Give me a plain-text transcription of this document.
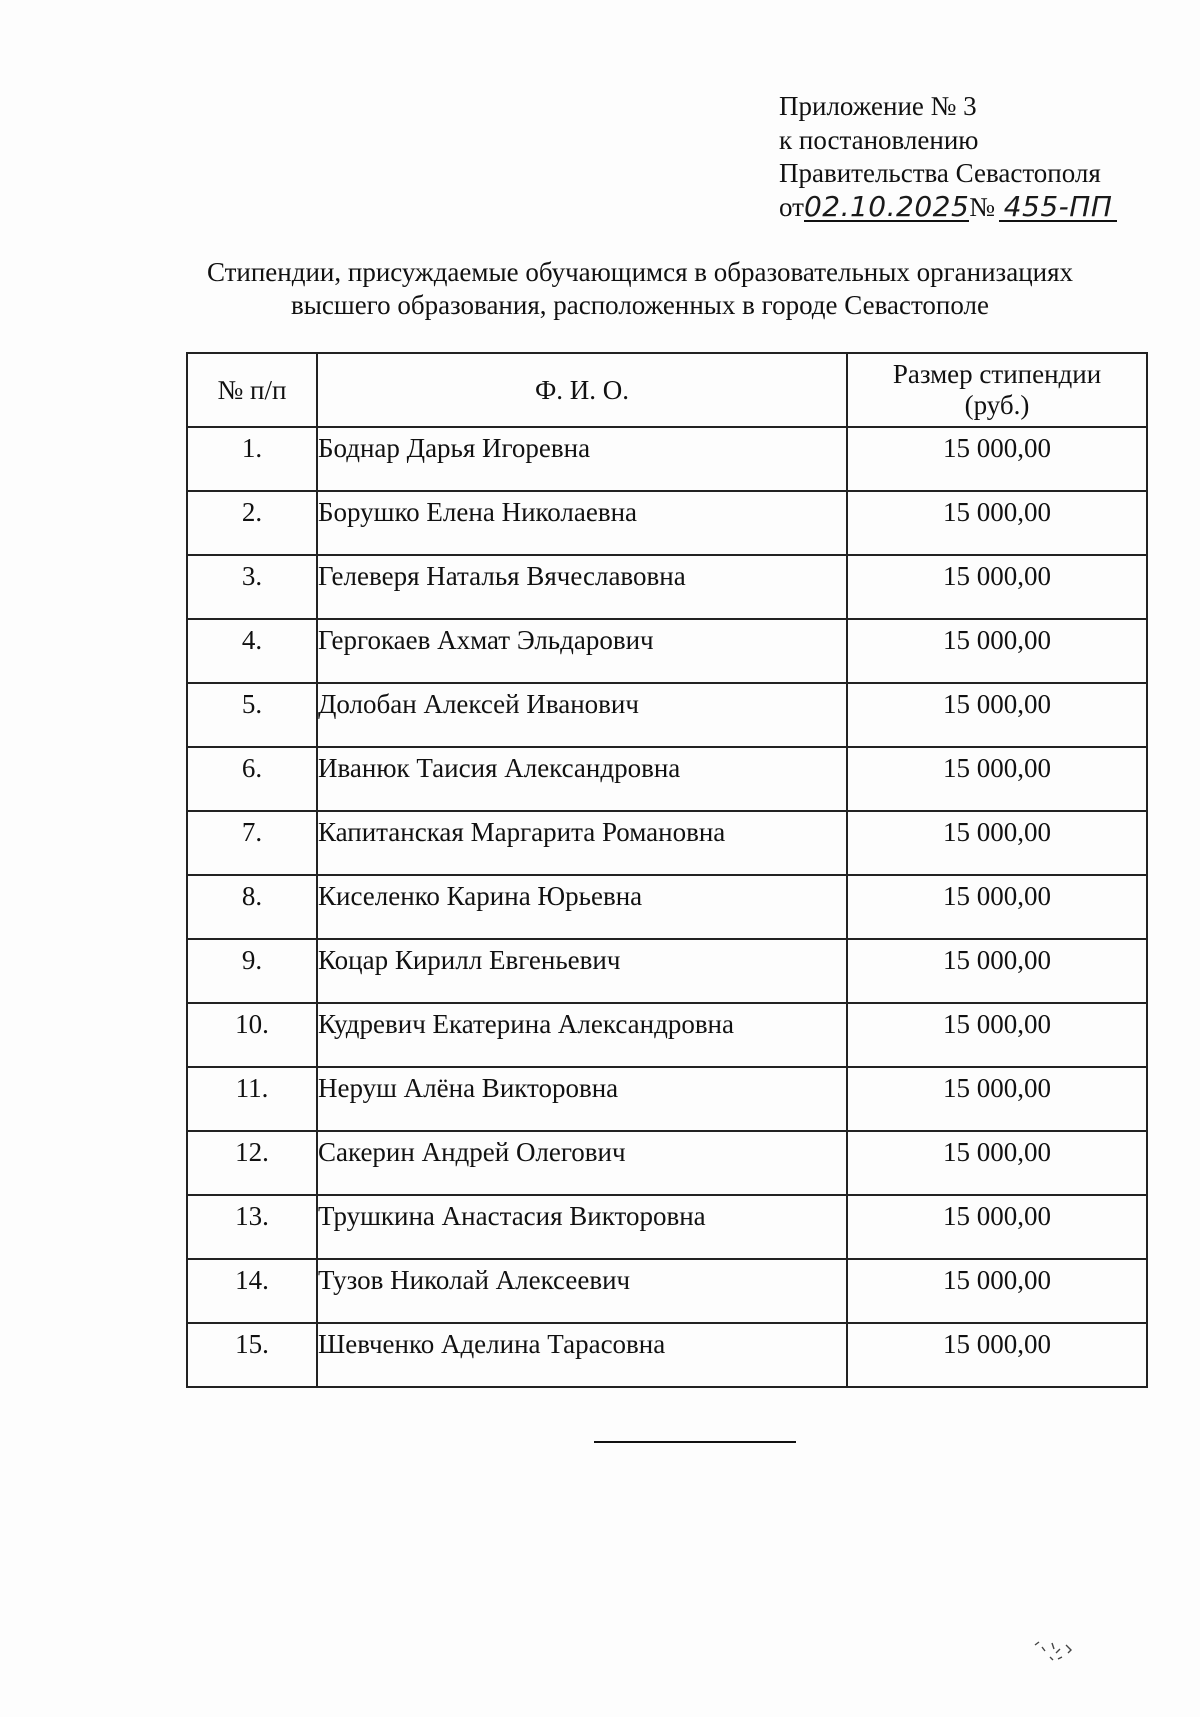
Приложение № 3
к постановлению
Правительства Севастополя
от02.10.2025№ 455-ПП
Стипендии, присуждаемые обучающимся в образовательных организациях
высшего образования, расположенных в городе Севастополе
№ п/п	Ф. И. О.	Размер стипендии
(руб.)

1.	Боднар Дарья Игоревна	15 000,00
2.	Борушко Елена Николаевна	15 000,00
3.	Гелеверя Наталья Вячеславовна	15 000,00
4.	Гергокаев Ахмат Эльдарович	15 000,00
5.	Долобан Алексей Иванович	15 000,00
6.	Иванюк Таисия Александровна	15 000,00
7.	Капитанская Маргарита Романовна	15 000,00
8.	Киселенко Карина Юрьевна	15 000,00
9.	Коцар Кирилл Евгеньевич	15 000,00
10.	Кудревич Екатерина Александровна	15 000,00
11.	Неруш Алёна Викторовна	15 000,00
12.	Сакерин Андрей Олегович	15 000,00
13.	Трушкина Анастасия Викторовна	15 000,00
14.	Тузов Николай Алексеевич	15 000,00
15.	Шевченко Аделина Тарасовна	15 000,00
